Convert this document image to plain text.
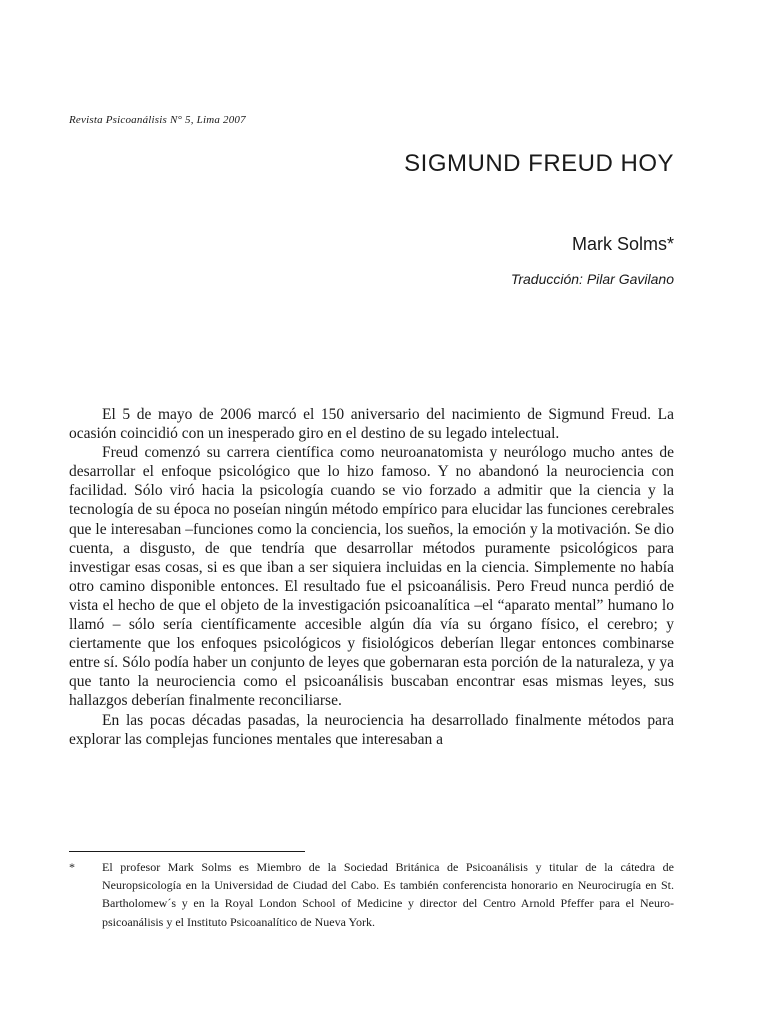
Revista Psicoanálisis N° 5, Lima 2007
SIGMUND FREUD HOY
Mark Solms*
Traducción: Pilar Gavilano

El 5 de mayo de 2006 marcó el 150 aniversario del nacimiento de Sigmund Freud. La ocasión coincidió con un inesperado giro en el destino de su legado intelectual.

Freud comenzó su carrera científica como neuroanatomista y neurólogo mucho antes de desarrollar el enfoque psicológico que lo hizo famoso. Y no abandonó la neurociencia con facilidad. Sólo viró hacia la psicología cuando se vio forzado a admitir que la ciencia y la tecnología de su época no poseían ningún método empírico para elucidar las funciones cerebrales que le interesaban –funciones como la conciencia, los sueños, la emoción y la motivación. Se dio cuenta, a disgusto, de que tendría que desarrollar métodos puramente psicológicos para investigar esas cosas, si es que iban a ser siquiera incluidas en la ciencia. Simplemente no había otro camino disponible entonces. El resultado fue el psicoanálisis. Pero Freud nunca perdió de vista el hecho de que el objeto de la investigación psicoanalítica –el “aparato mental” humano lo llamó – sólo sería científicamente accesible algún día vía su órgano físico, el cerebro; y ciertamente que los enfoques psicológicos y fisiológicos deberían llegar entonces combinarse entre sí. Sólo podía haber un conjunto de leyes que gobernaran esta porción de la naturaleza, y ya que tanto la neurociencia como el psicoanálisis buscaban encontrar esas mismas leyes, sus hallazgos deberían finalmente reconciliarse.

En las pocas décadas pasadas, la neurociencia ha desarrollado finalmente métodos para explorar las complejas funciones mentales que interesaban a

*	El profesor Mark Solms es Miembro de la Sociedad Británica de Psicoanálisis y titular de la cátedra de Neuropsicología en la Universidad de Ciudad del Cabo. Es también conferencista honorario en Neurocirugía en St. Bartholomew´s y en la Royal London School of Medicine y director del Centro Arnold Pfeffer para el Neuro-psicoanálisis y el Instituto Psicoanalítico de Nueva York.
